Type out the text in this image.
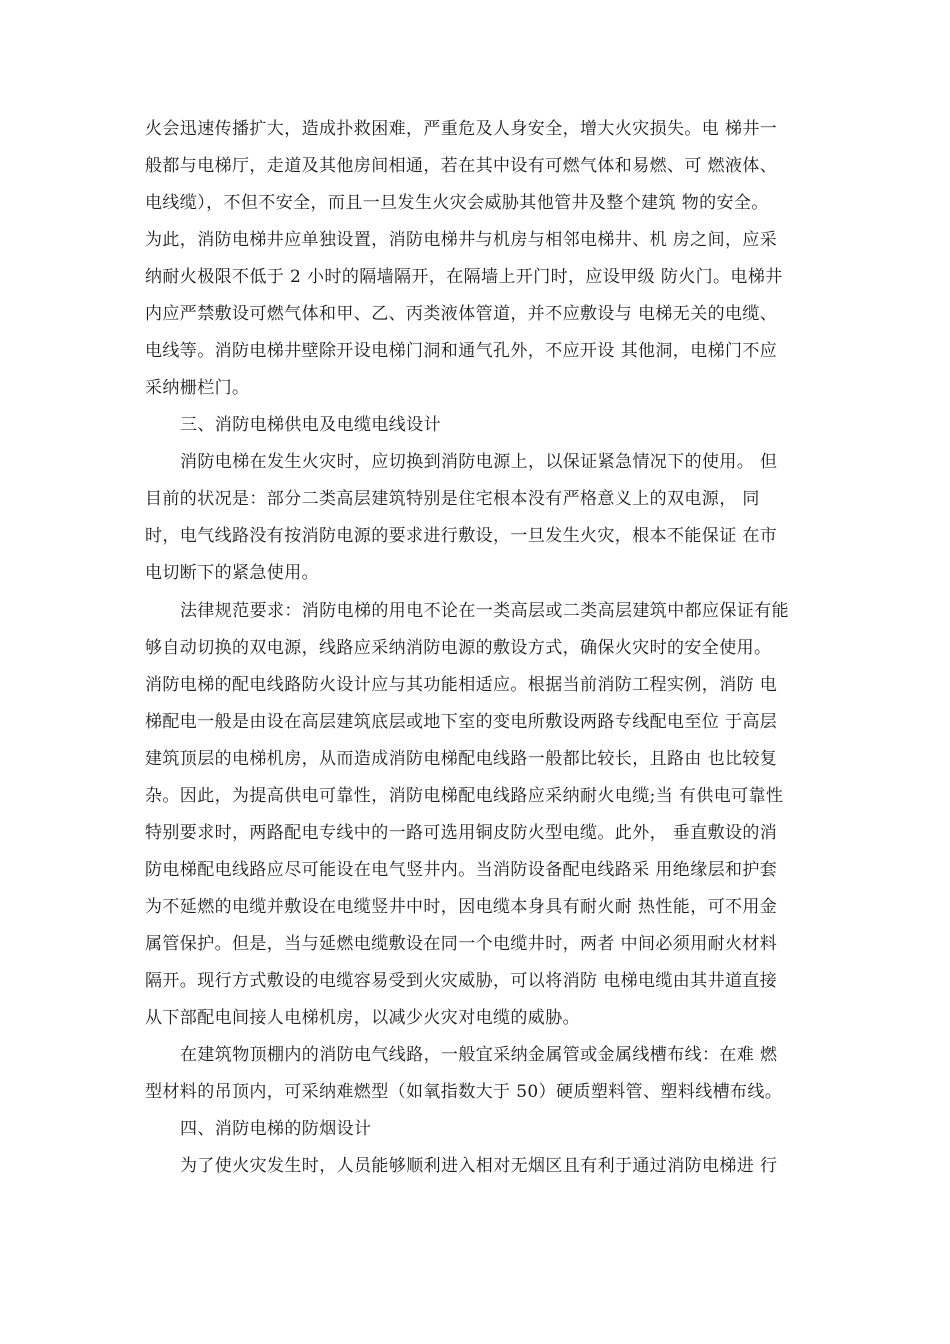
火会迅速传播扩大，造成扑救困难，严重危及人身安全，增大火灾损失。电 梯井一
般都与电梯厅，走道及其他房间相通，若在其中设有可燃气体和易燃、可 燃液体、
电线缆），不但不安全，而且一旦发生火灾会威胁其他管井及整个建筑 物的安全。
为此，消防电梯井应单独设置，消防电梯井与机房与相邻电梯井、机 房之间，应采
纳耐火极限不低于 2 小时的隔墙隔开，在隔墙上开门时，应设甲级 防火门。电梯井
内应严禁敷设可燃气体和甲、乙、丙类液体管道，并不应敷设与 电梯无关的电缆、
电线等。消防电梯井壁除开设电梯门洞和通气孔外，不应开设 其他洞，电梯门不应
采纳栅栏门。
三、消防电梯供电及电缆电线设计
消防电梯在发生火灾时，应切换到消防电源上，以保证紧急情况下的使用。 但
目前的状况是：部分二类高层建筑特别是住宅根本没有严格意义上的双电源， 同
时，电气线路没有按消防电源的要求进行敷设，一旦发生火灾，根本不能保证 在市
电切断下的紧急使用。
法律规范要求：消防电梯的用电不论在一类高层或二类高层建筑中都应保证有能
够自动切换的双电源，线路应采纳消防电源的敷设方式，确保火灾时的安全使用。
消防电梯的配电线路防火设计应与其功能相适应。根据当前消防工程实例，消防 电
梯配电一般是由设在高层建筑底层或地下室的变电所敷设两路专线配电至位 于高层
建筑顶层的电梯机房，从而造成消防电梯配电线路一般都比较长，且路由 也比较复
杂。因此，为提高供电可靠性，消防电梯配电线路应采纳耐火电缆;当 有供电可靠性
特别要求时，两路配电专线中的一路可选用铜皮防火型电缆。此外， 垂直敷设的消
防电梯配电线路应尽可能设在电气竖井内。当消防设备配电线路采 用绝缘层和护套
为不延燃的电缆并敷设在电缆竖井中时，因电缆本身具有耐火耐 热性能，可不用金
属管保护。但是，当与延燃电缆敷设在同一个电缆井时，两者 中间必须用耐火材料
隔开。现行方式敷设的电缆容易受到火灾威胁，可以将消防 电梯电缆由其井道直接
从下部配电间接人电梯机房，以减少火灾对电缆的威胁。
在建筑物顶棚内的消防电气线路，一般宜采纳金属管或金属线槽布线：在难 燃
型材料的吊顶内，可采纳难燃型（如氧指数大于 50）硬质塑料管、塑料线槽布线。
四、消防电梯的防烟设计
为了使火灾发生时，人员能够顺利进入相对无烟区且有利于通过消防电梯进 行
